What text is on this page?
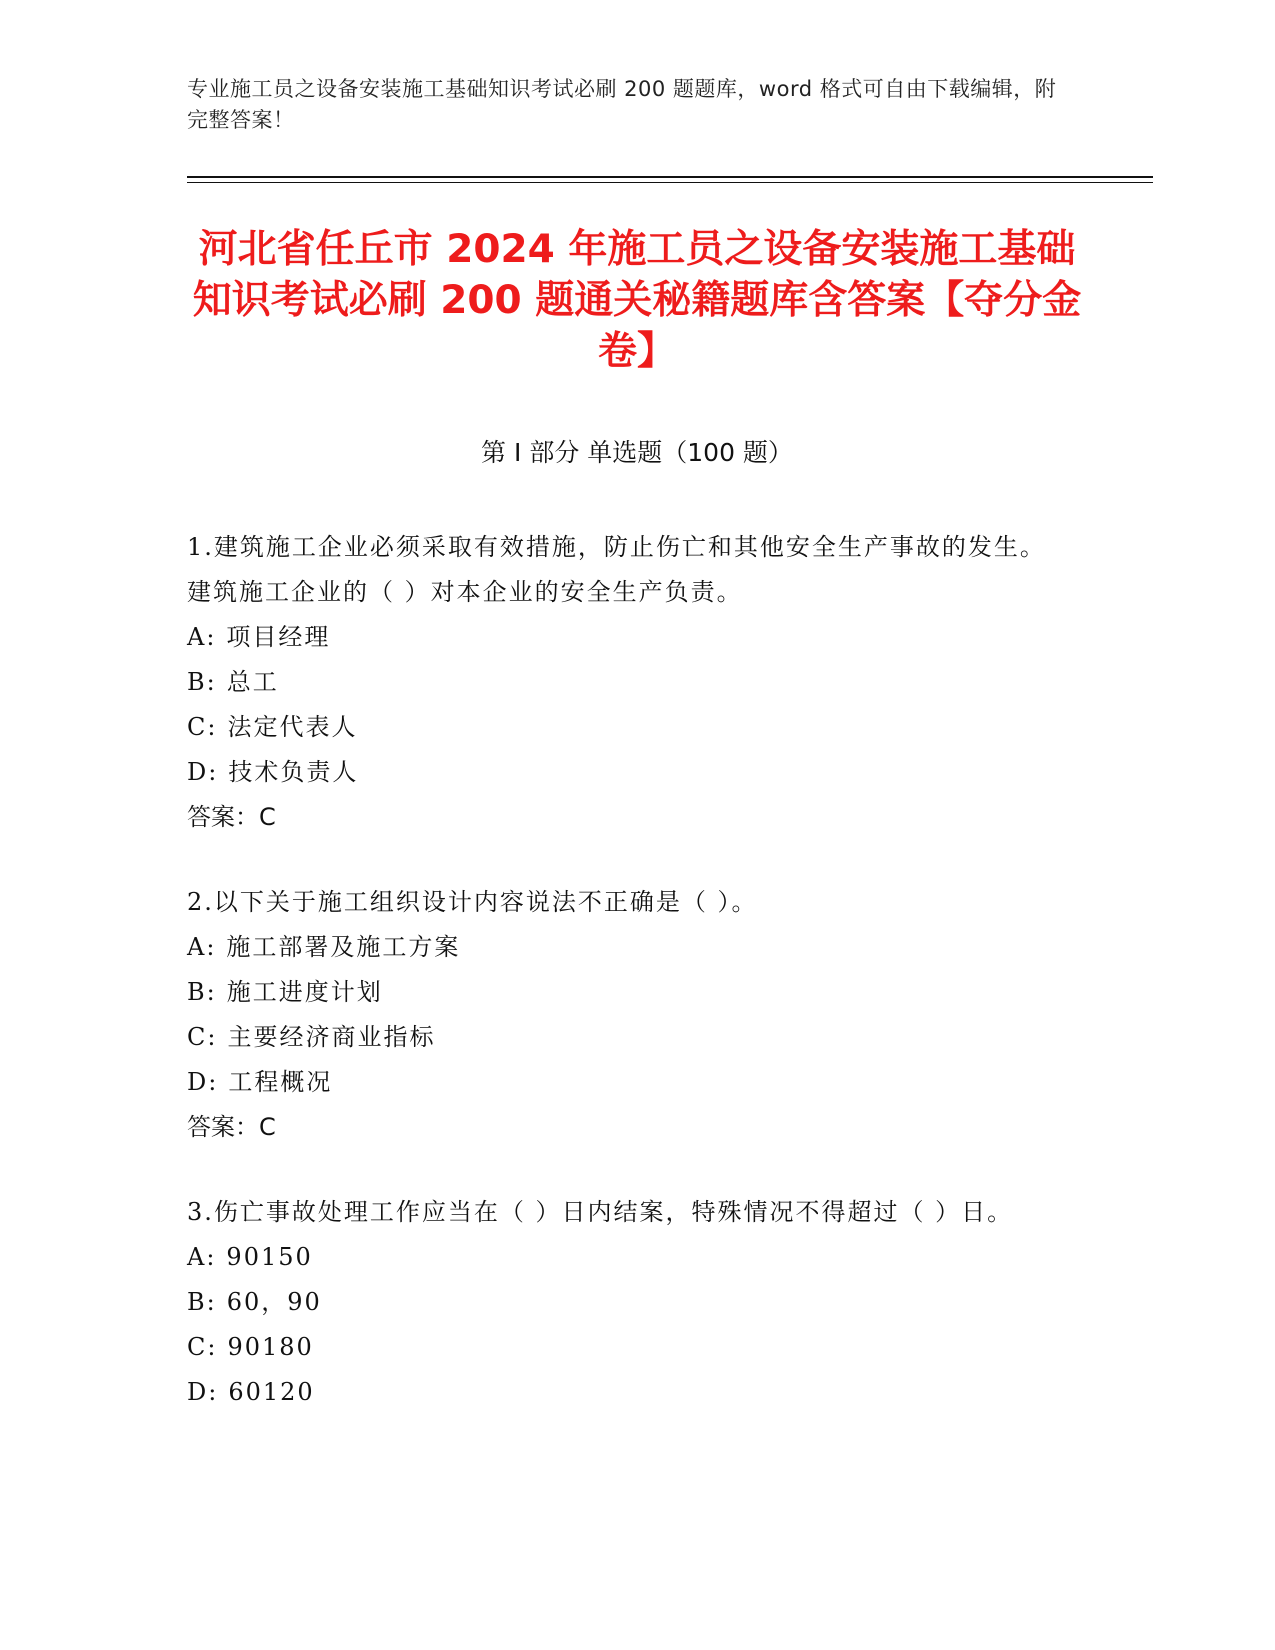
专业施工员之设备安装施工基础知识考试必刷 200 题题库，word 格式可自由下载编辑，附完整答案！
河北省任丘市 2024 年施工员之设备安装施工基础知识考试必刷 200 题通关秘籍题库含答案【夺分金卷】
第 I 部分 单选题（100 题）
1.建筑施工企业必须采取有效措施，防止伤亡和其他安全生产事故的发生。建筑施工企业的（ ）对本企业的安全生产负责。
A: 项目经理
B: 总工
C: 法定代表人
D: 技术负责人
答案：C
2.以下关于施工组织设计内容说法不正确是（ ）。
A: 施工部署及施工方案
B: 施工进度计划
C: 主要经济商业指标
D: 工程概况
答案：C
3.伤亡事故处理工作应当在（ ）日内结案，特殊情况不得超过（ ）日。
A: 90150
B: 60，90
C: 90180
D: 60120
